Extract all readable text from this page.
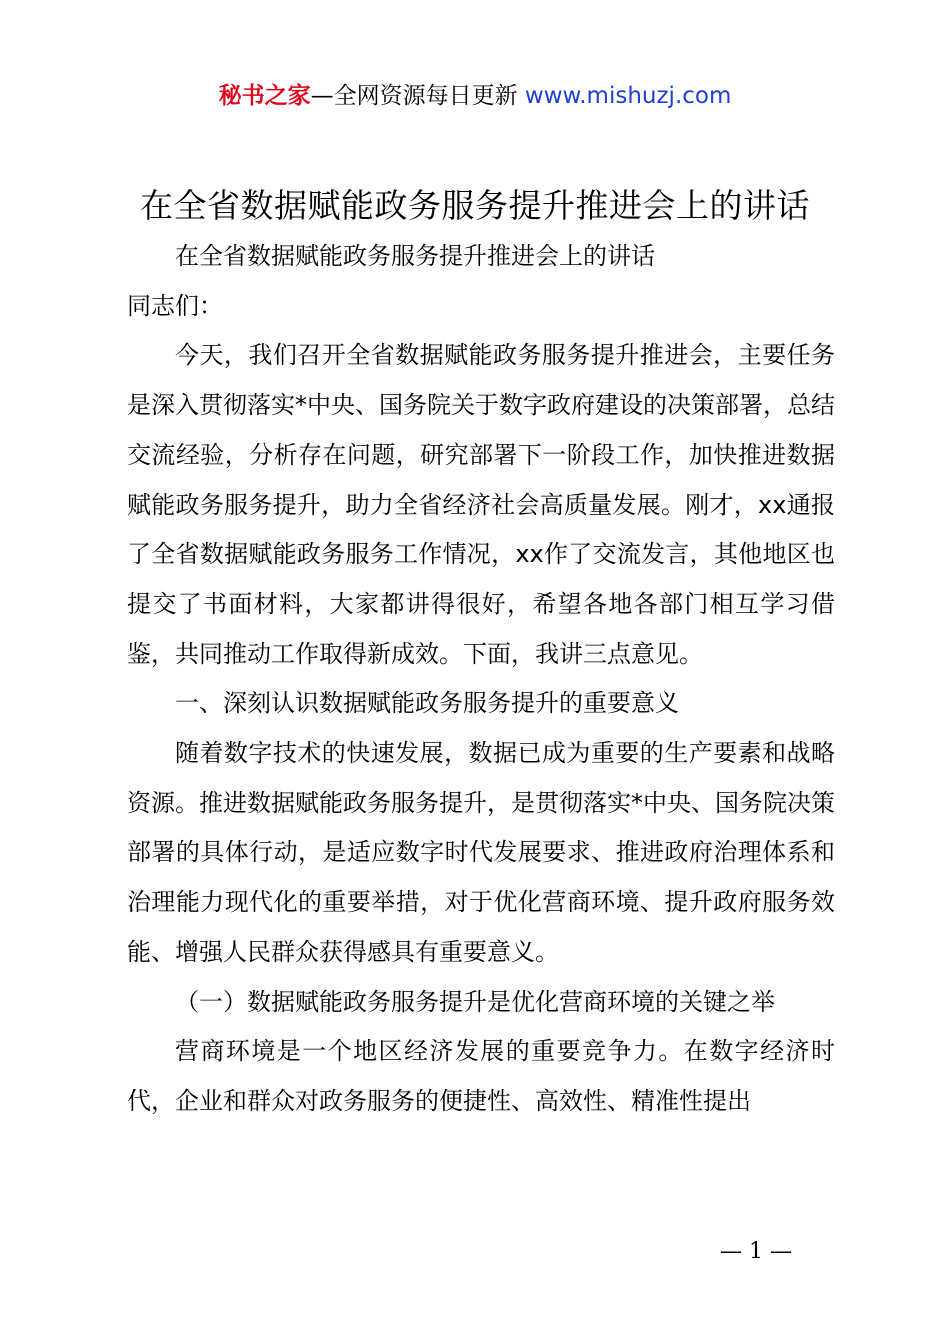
秘书之家—全网资源每日更新 www.mishuzj.com
在全省数据赋能政务服务提升推进会上的讲话
在全省数据赋能政务服务提升推进会上的讲话

同志们：

今天，我们召开全省数据赋能政务服务提升推进会，主要任务是深入贯彻落实*中央、国务院关于数字政府建设的决策部署，总结交流经验，分析存在问题，研究部署下一阶段工作，加快推进数据赋能政务服务提升，助力全省经济社会高质量发展。刚才，xx通报了全省数据赋能政务服务工作情况，xx作了交流发言，其他地区也提交了书面材料，大家都讲得很好，希望各地各部门相互学习借鉴，共同推动工作取得新成效。下面，我讲三点意见。

一、深刻认识数据赋能政务服务提升的重要意义

随着数字技术的快速发展，数据已成为重要的生产要素和战略资源。推进数据赋能政务服务提升，是贯彻落实*中央、国务院决策部署的具体行动，是适应数字时代发展要求、推进政府治理体系和治理能力现代化的重要举措，对于优化营商环境、提升政府服务效能、增强人民群众获得感具有重要意义。

（一）数据赋能政务服务提升是优化营商环境的关键之举

营商环境是一个地区经济发展的重要竞争力。在数字经济时代，企业和群众对政务服务的便捷性、高效性、精准性提出

— 1 —
